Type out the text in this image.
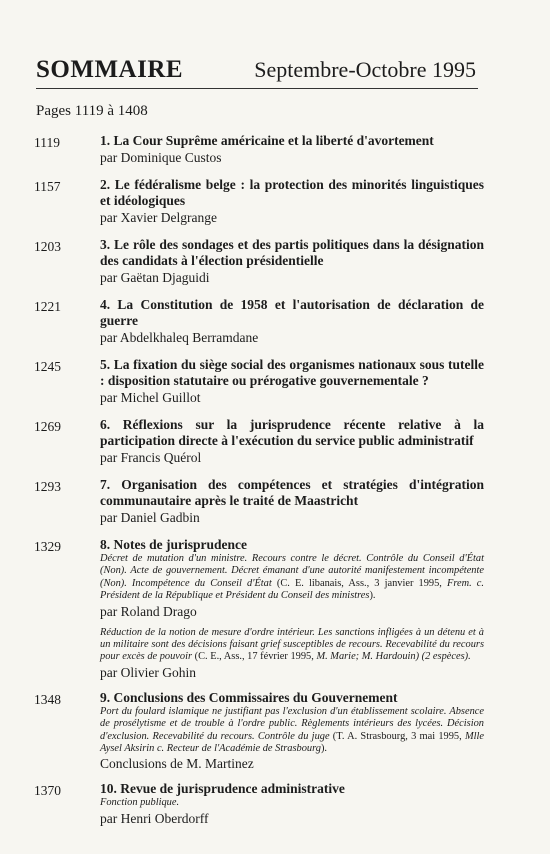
SOMMAIRE	Septembre-Octobre 1995
Pages 1119 à 1408
1119	1. La Cour Suprême américaine et la liberté d'avortement

par Dominique Custos

1157	2. Le fédéralisme belge : la protection des minorités linguistiques et idéologiques

par Xavier Delgrange

1203	3. Le rôle des sondages et des partis politiques dans la désignation des candidats à l'élection présidentielle

par Gaëtan Djaguidi

1221	4. La Constitution de 1958 et l'autorisation de déclaration de guerre

par Abdelkhaleq Berramdane

1245	5. La fixation du siège social des organismes nationaux sous tutelle : disposition statutaire ou prérogative gouvernementale ?

par Michel Guillot

1269	6. Réflexions sur la jurisprudence récente relative à la participation directe à l'exécution du service public administratif

par Francis Quérol

1293	7. Organisation des compétences et stratégies d'intégration communautaire après le traité de Maastricht

par Daniel Gadbin

1329	8. Notes de jurisprudence

Décret de mutation d'un ministre. Recours contre le décret. Contrôle du Conseil d'État (Non). Acte de gouvernement. Décret émanant d'une autorité manifestement incompétente (Non). Incompétence du Conseil d'État (C. E. libanais, Ass., 3 janvier 1995, Frem. c. Président de la République et Président du Conseil des ministres).

par Roland Drago

Réduction de la notion de mesure d'ordre intérieur. Les sanctions infligées à un détenu et à un militaire sont des décisions faisant grief susceptibles de recours. Recevabilité du recours pour excès de pouvoir (C. E., Ass., 17 février 1995, M. Marie; M. Hardouin) (2 espèces).

par Olivier Gohin

1348	9. Conclusions des Commissaires du Gouvernement

Port du foulard islamique ne justifiant pas l'exclusion d'un établissement scolaire. Absence de prosélytisme et de trouble à l'ordre public. Règlements intérieurs des lycées. Décision d'exclusion. Recevabilité du recours. Contrôle du juge (T. A. Strasbourg, 3 mai 1995, Mlle Aysel Aksirin c. Recteur de l'Académie de Strasbourg).

Conclusions de M. Martinez

1370	10. Revue de jurisprudence administrative

Fonction publique.

par Henri Oberdorff
